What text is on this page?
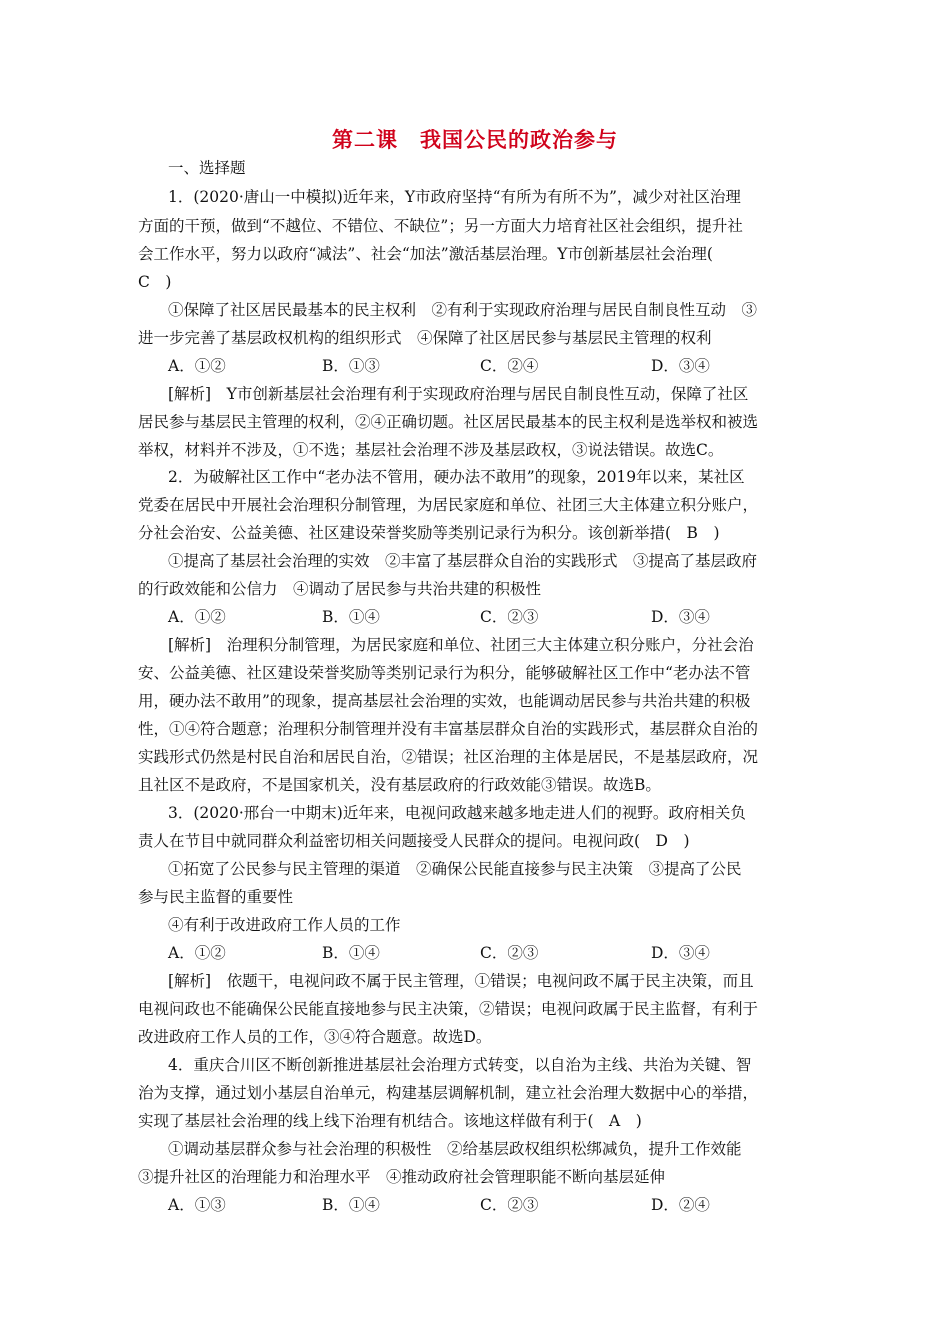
第二课　我国公民的政治参与
一、选择题
1．(2020·唐山一中模拟)近年来，Y市政府坚持“有所为有所不为”，减少对社区治理
方面的干预，做到“不越位、不错位、不缺位”；另一方面大力培育社区社会组织，提升社
会工作水平，努力以政府“减法”、社会“加法”激活基层治理。Y市创新基层社会治理(
C　)
①保障了社区居民最基本的民主权利　②有利于实现政府治理与居民自制良性互动　③
进一步完善了基层政权机构的组织形式　④保障了社区居民参与基层民主管理的权利
A．①②	B．①③	C．②④	D．③④
[解析]　Y市创新基层社会治理有利于实现政府治理与居民自制良性互动，保障了社区
居民参与基层民主管理的权利，②④正确切题。社区居民最基本的民主权利是选举权和被选
举权，材料并不涉及，①不选；基层社会治理不涉及基层政权，③说法错误。故选C。
2．为破解社区工作中“老办法不管用，硬办法不敢用”的现象，2019年以来，某社区
党委在居民中开展社会治理积分制管理，为居民家庭和单位、社团三大主体建立积分账户，
分社会治安、公益美德、社区建设荣誉奖励等类别记录行为积分。该创新举措(　B　)
①提高了基层社会治理的实效　②丰富了基层群众自治的实践形式　③提高了基层政府
的行政效能和公信力　④调动了居民参与共治共建的积极性
A．①②	B．①④	C．②③	D．③④
[解析]　治理积分制管理，为居民家庭和单位、社团三大主体建立积分账户，分社会治
安、公益美德、社区建设荣誉奖励等类别记录行为积分，能够破解社区工作中“老办法不管
用，硬办法不敢用”的现象，提高基层社会治理的实效，也能调动居民参与共治共建的积极
性，①④符合题意；治理积分制管理并没有丰富基层群众自治的实践形式，基层群众自治的
实践形式仍然是村民自治和居民自治，②错误；社区治理的主体是居民，不是基层政府，况
且社区不是政府，不是国家机关，没有基层政府的行政效能③错误。故选B。
3．(2020·邢台一中期末)近年来，电视问政越来越多地走进人们的视野。政府相关负
责人在节目中就同群众利益密切相关问题接受人民群众的提问。电视问政(　D　)
①拓宽了公民参与民主管理的渠道　②确保公民能直接参与民主决策　③提高了公民
参与民主监督的重要性
④有利于改进政府工作人员的工作
A．①②	B．①④	C．②③	D．③④
[解析]　依题干，电视问政不属于民主管理，①错误；电视问政不属于民主决策，而且
电视问政也不能确保公民能直接地参与民主决策，②错误；电视问政属于民主监督，有利于
改进政府工作人员的工作，③④符合题意。故选D。
4．重庆合川区不断创新推进基层社会治理方式转变，以自治为主线、共治为关键、智
治为支撑，通过划小基层自治单元，构建基层调解机制，建立社会治理大数据中心的举措，
实现了基层社会治理的线上线下治理有机结合。该地这样做有利于(　A　)
①调动基层群众参与社会治理的积极性　②给基层政权组织松绑减负，提升工作效能
③提升社区的治理能力和治理水平　④推动政府社会管理职能不断向基层延伸
A．①③	B．①④	C．②③	D．②④
